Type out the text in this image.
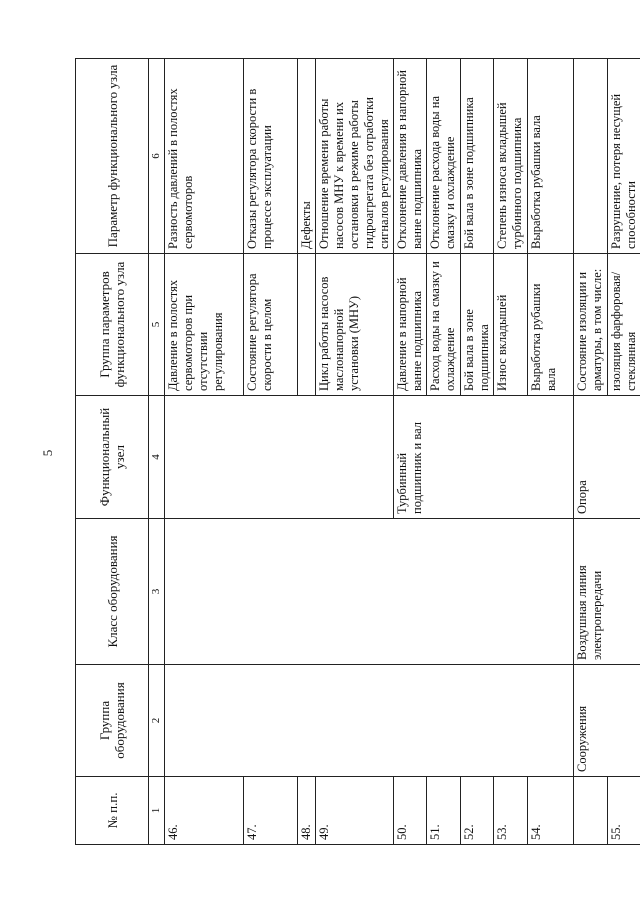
5
№ п.п.	Группа оборудования	Класс оборудования	Функциональный узел	Группа параметров функционального узла	Параметр функционального узла
1	2	3	4	5	6
46.				Давление в полостях сервомоторов при отсутствии регулирования	Разность давлений в полостях сервомоторов
47.				Состояние регулятора скорости в целом	Отказы регулятора скорости в процессе эксплуатации
48.					Дефекты
49.				Цикл работы насосов маслонапорной установки (МНУ)	Отношение времени работы насосов МНУ к времени их остановки в режиме работы гидроагрегата без отработки сигналов регулирования
50.			Турбинный подшипник и вал	Давление в напорной ванне подшипника	Отклонение давления в напорной ванне подшипника
51.				Расход воды на смазку и охлаждение	Отклонение расхода воды на смазку и охлаждение
52.				Бой вала в зоне подшипника	Бой вала в зоне подшипника
53.				Износ вкладышей	Степень износа вкладышей турбинного подшипника
54.				Выработка рубашки вала	Выработка рубашки вала
	Сооружения	Воздушная линия электропередачи	Опора	Состояние изоляции и арматуры, в том числе:	
55.				изоляция фарфоровая/стеклянная	Разрушение, потеря несущей способности
